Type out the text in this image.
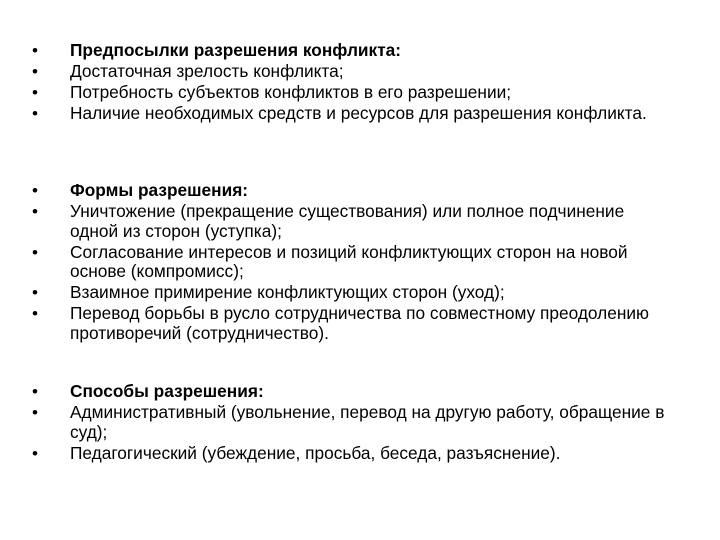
• Предпосылки разрешения конфликта:
• Достаточная зрелость конфликта;
• Потребность субъектов конфликтов в его разрешении;
• Наличие необходимых средств и ресурсов для разрешения конфликта.
• Формы разрешения:
• Уничтожение (прекращение существования) или полное подчинение одной из сторон (уступка);
• Согласование интересов и позиций конфликтующих сторон на новой основе (компромисс);
• Взаимное примирение конфликтующих сторон (уход);
• Перевод борьбы в русло сотрудничества по совместному преодолению противоречий (сотрудничество).
• Способы разрешения:
• Административный (увольнение, перевод на другую работу, обращение в суд);
• Педагогический (убеждение, просьба, беседа, разъяснение).
